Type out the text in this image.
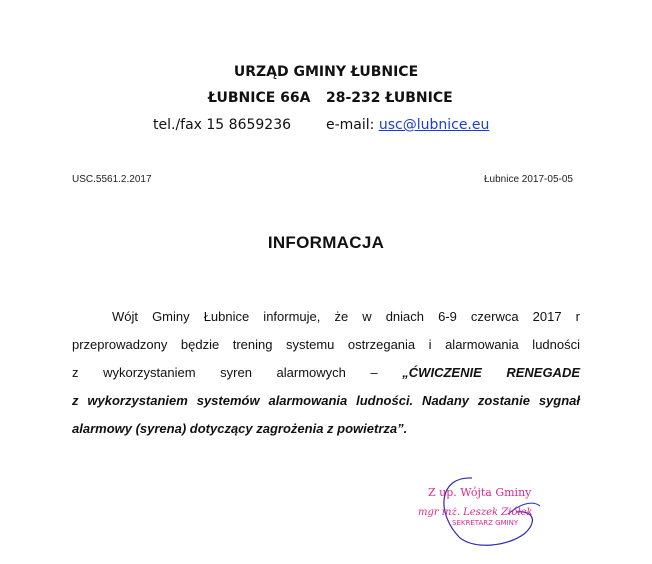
URZĄD GMINY ŁUBNICE
ŁUBNICE 66A 28-232 ŁUBNICE
tel./fax 15 8659236 e-mail: usc@lubnice.eu
USC.5561.2.2017	Łubnice 2017-05-05
INFORMACJA

Wójt Gminy Łubnice informuje, że w dniach 6-9 czerwca 2017 r

przeprowadzony będzie trening systemu ostrzegania i alarmowania ludności

z wykorzystaniem syren alarmowych – „ĆWICZENIE RENEGADE

z wykorzystaniem systemów alarmowania ludności. Nadany zostanie sygnał

alarmowy (syrena) dotyczący zagrożenia z powietrza”.

Z up. Wójta Gminy
mgr inż. Leszek Ziółek
SEKRETARZ GMINY
